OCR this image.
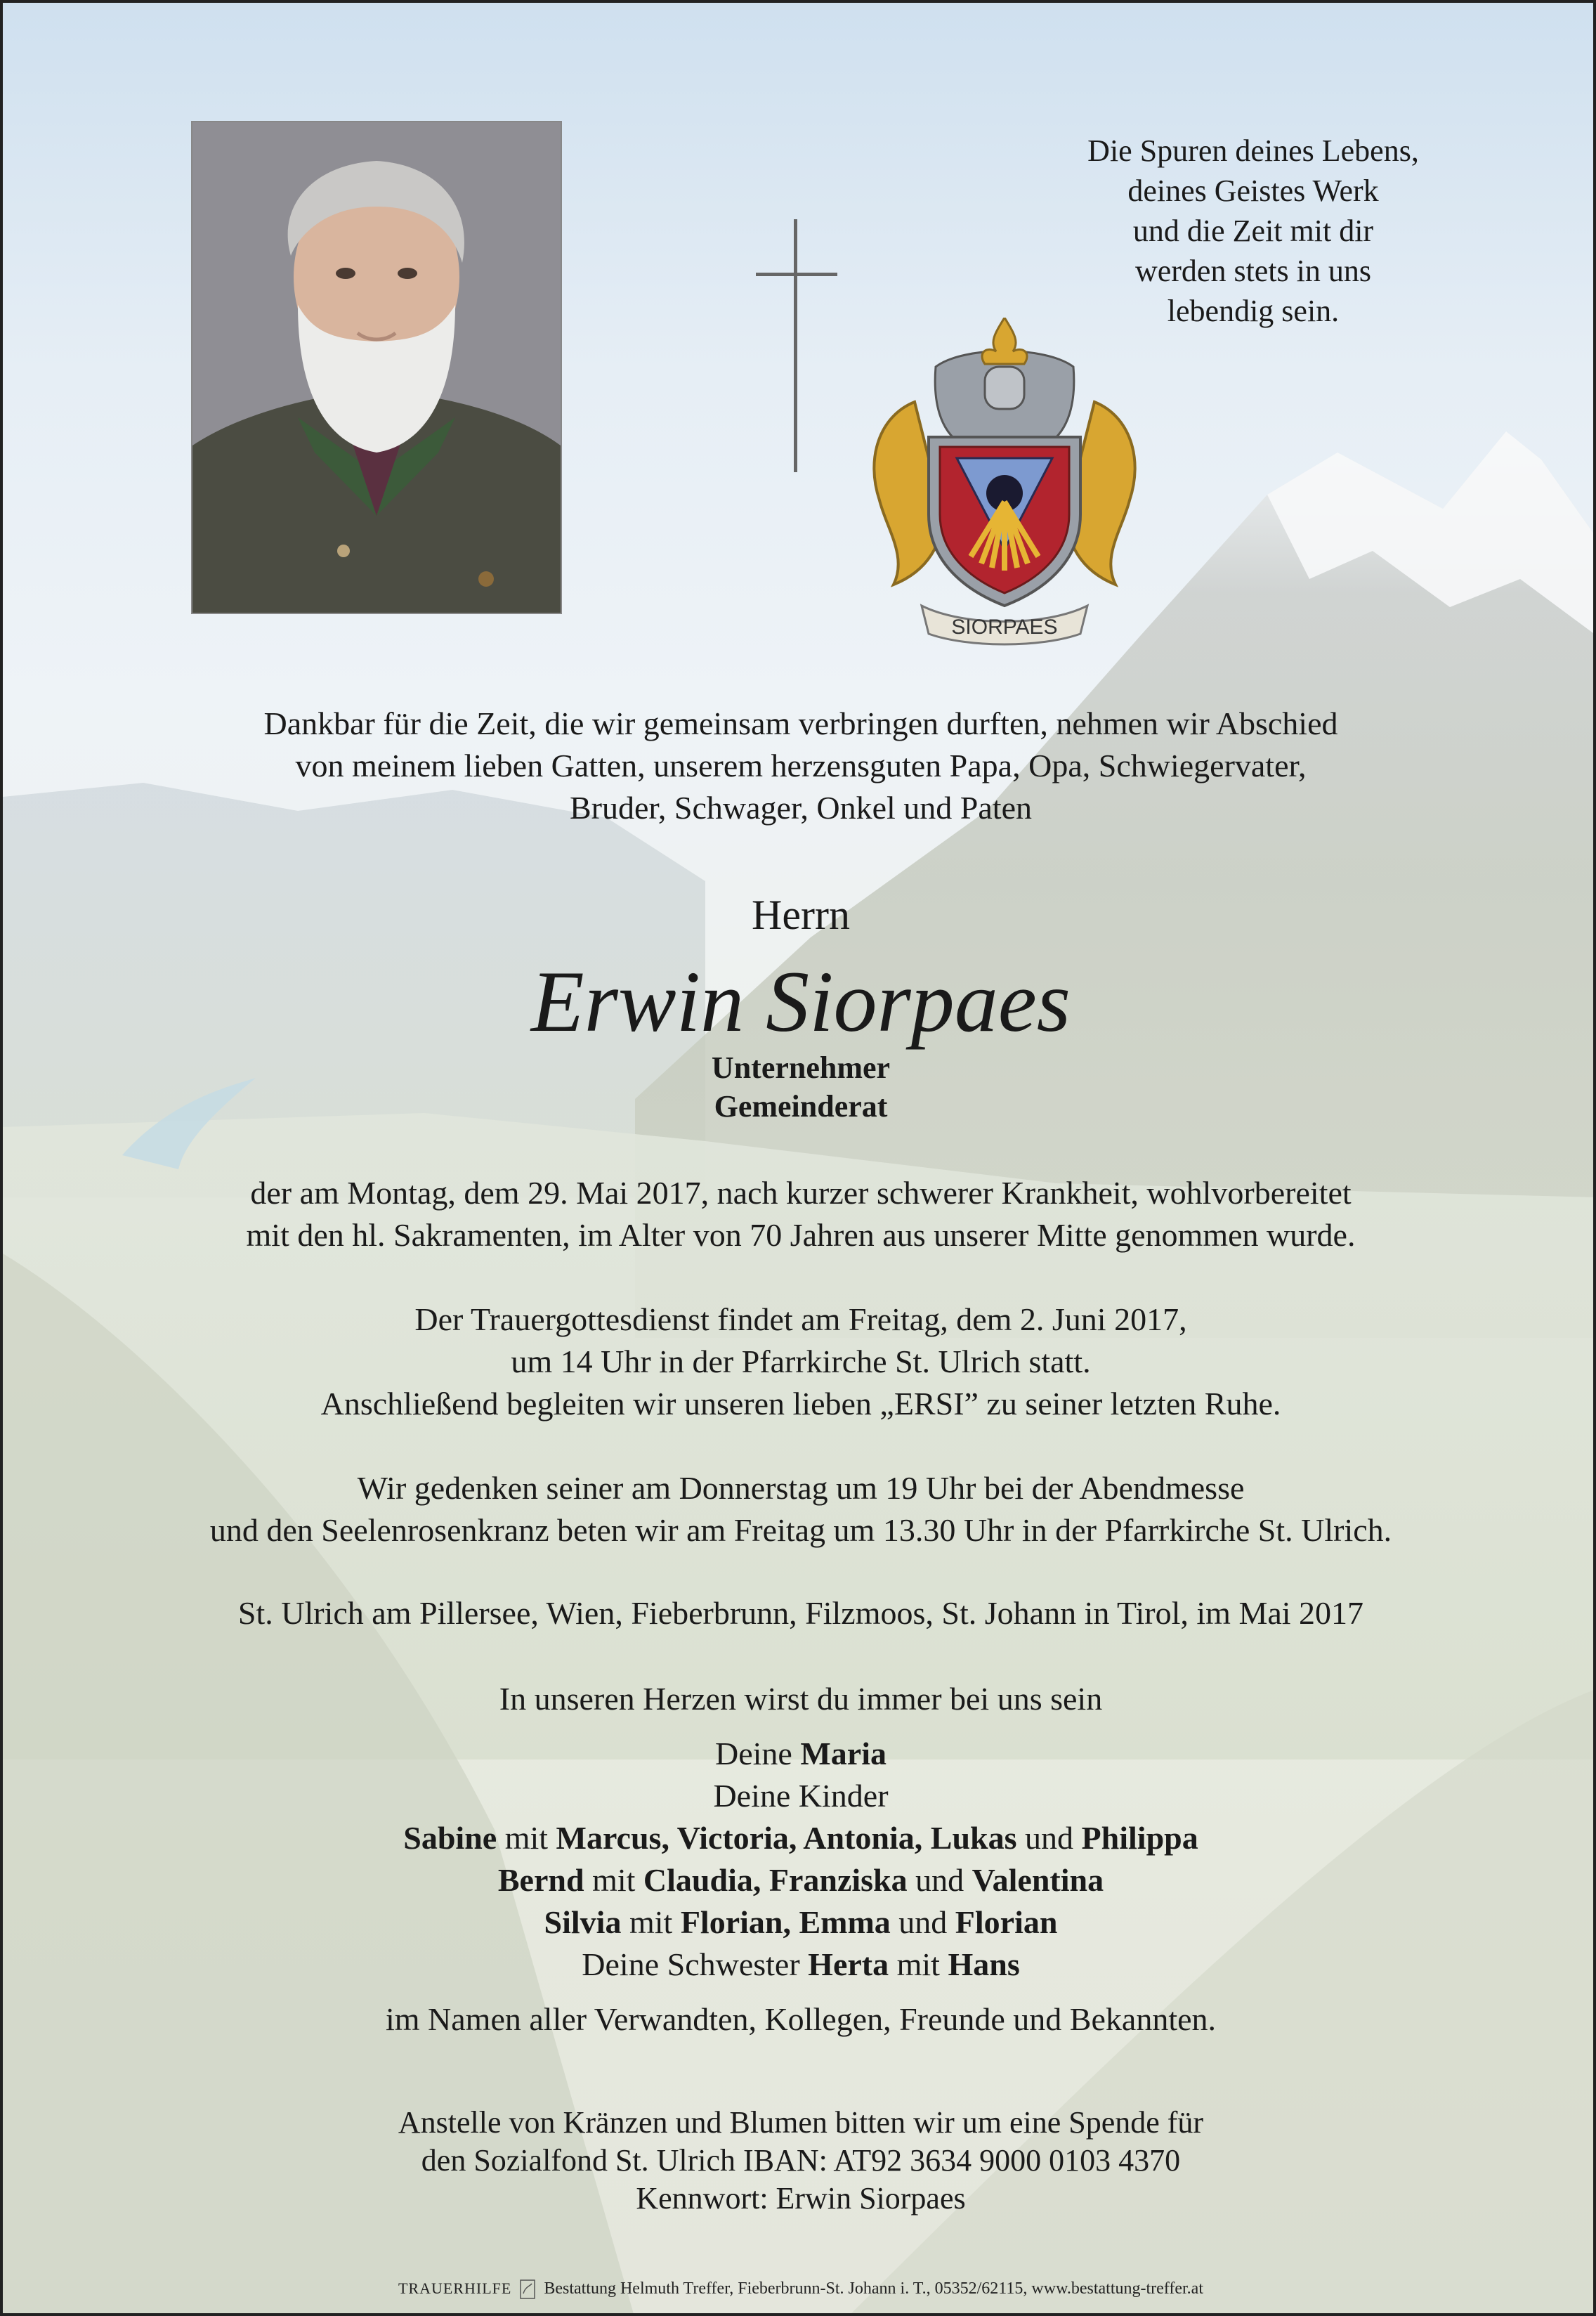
Die Spuren deines Lebens,
deines Geistes Werk
und die Zeit mit dir
werden stets in uns
lebendig sein.
SIORPAES
Dankbar für die Zeit, die wir gemeinsam verbringen durften, nehmen wir Abschied
von meinem lieben Gatten, unserem herzensguten Papa, Opa, Schwiegervater,
Bruder, Schwager, Onkel und Paten
Herrn
Erwin Siorpaes
Unternehmer
Gemeinderat
der am Montag, dem 29. Mai 2017, nach kurzer schwerer Krankheit, wohlvorbereitet
mit den hl. Sakramenten, im Alter von 70 Jahren aus unserer Mitte genommen wurde.
Der Trauergottesdienst findet am Freitag, dem 2. Juni 2017,
um 14 Uhr in der Pfarrkirche St. Ulrich statt.
Anschließend begleiten wir unseren lieben „ERSI” zu seiner letzten Ruhe.
Wir gedenken seiner am Donnerstag um 19 Uhr bei der Abendmesse
und den Seelenrosenkranz beten wir am Freitag um 13.30 Uhr in der Pfarrkirche St. Ulrich.
St. Ulrich am Pillersee, Wien, Fieberbrunn, Filzmoos, St. Johann in Tirol, im Mai 2017
In unseren Herzen wirst du immer bei uns sein
Deine Maria
Deine Kinder
Sabine mit Marcus, Victoria, Antonia, Lukas und Philippa
Bernd mit Claudia, Franziska und Valentina
Silvia mit Florian, Emma und Florian
Deine Schwester Herta mit Hans
im Namen aller Verwandten, Kollegen, Freunde und Bekannten.
Anstelle von Kränzen und Blumen bitten wir um eine Spende für
den Sozialfond St. Ulrich IBAN: AT92 3634 9000 0103 4370
Kennwort: Erwin Siorpaes
TRAUERHILFE Bestattung Helmuth Treffer, Fieberbrunn-St. Johann i. T., 05352/62115, www.bestattung-treffer.at
